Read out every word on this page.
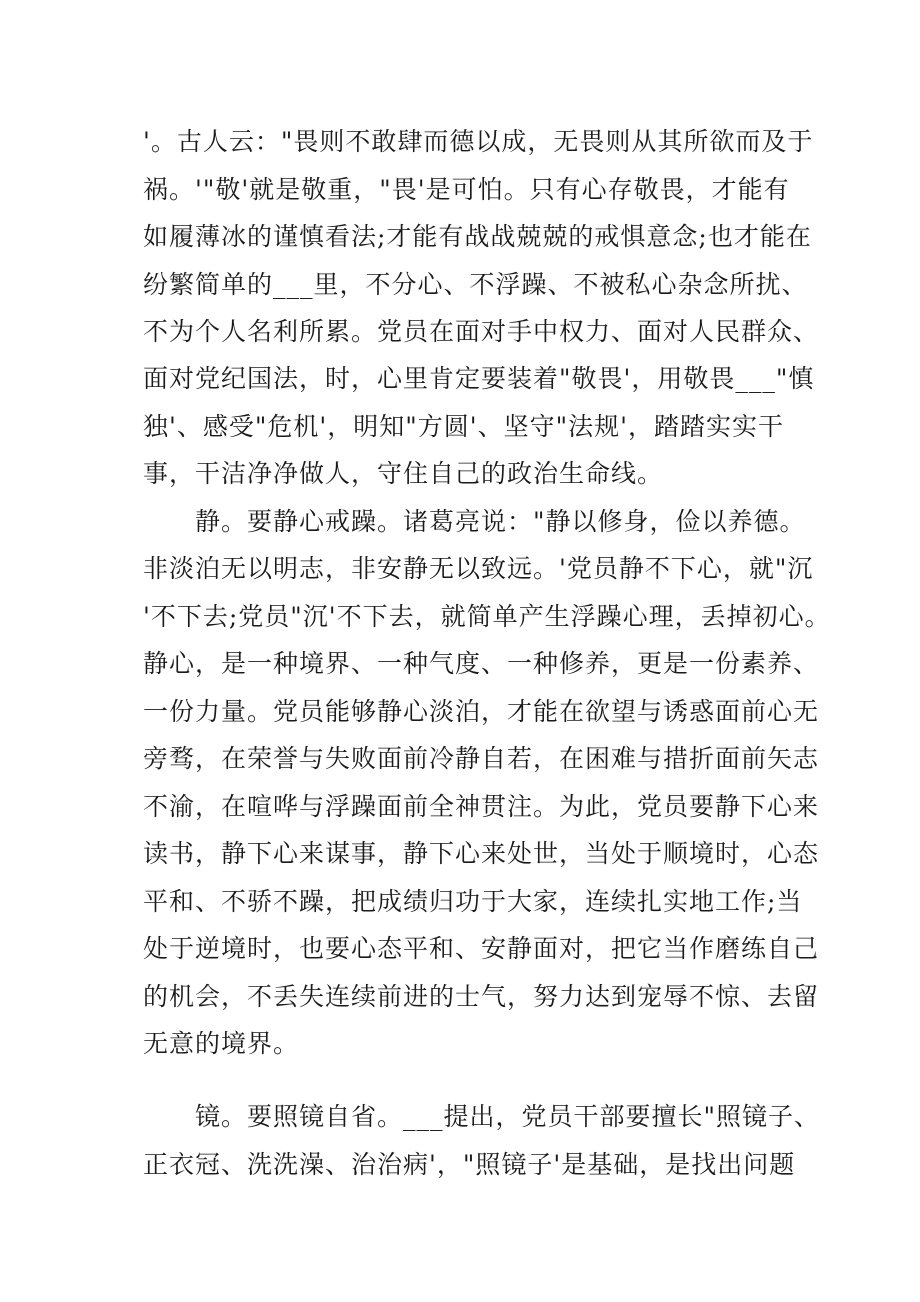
'。古人云："畏则不敢肆而德以成，无畏则从其所欲而及于
祸。'"敬'就是敬重，"畏'是可怕。只有心存敬畏，才能有
如履薄冰的谨慎看法;才能有战战兢兢的戒惧意念;也才能在
纷繁简单的___里，不分心、不浮躁、不被私心杂念所扰、
不为个人名利所累。党员在面对手中权力、面对人民群众、
面对党纪国法，时，心里肯定要装着"敬畏'，用敬畏___"慎
独'、感受"危机'，明知"方圆'、坚守"法规'，踏踏实实干
事，干洁净净做人，守住自己的政治生命线。
　　静。要静心戒躁。诸葛亮说："静以修身，俭以养德。
非淡泊无以明志，非安静无以致远。'党员静不下心，就"沉
'不下去;党员"沉'不下去，就简单产生浮躁心理，丢掉初心。
静心，是一种境界、一种气度、一种修养，更是一份素养、
一份力量。党员能够静心淡泊，才能在欲望与诱惑面前心无
旁骛，在荣誉与失败面前冷静自若，在困难与措折面前矢志
不渝，在喧哗与浮躁面前全神贯注。为此，党员要静下心来
读书，静下心来谋事，静下心来处世，当处于顺境时，心态
平和、不骄不躁，把成绩归功于大家，连续扎实地工作;当
处于逆境时，也要心态平和、安静面对，把它当作磨练自己
的机会，不丢失连续前进的士气，努力达到宠辱不惊、去留
无意的境界。
　　镜。要照镜自省。___提出，党员干部要擅长"照镜子、
正衣冠、洗洗澡、治治病'，"照镜子'是基础，是找出问题
